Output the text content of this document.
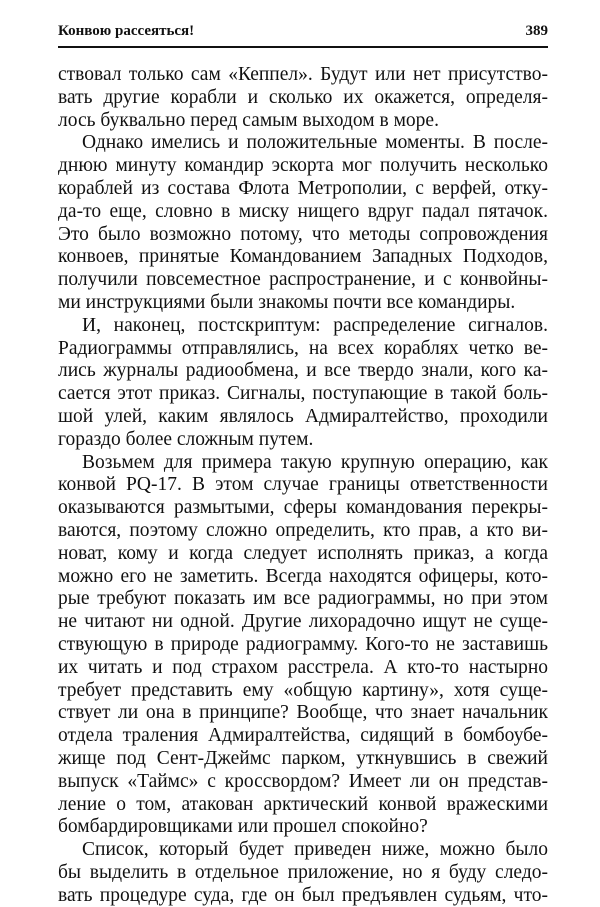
Конвою рассеяться!	389
ствовал только сам «Кеппел». Будут или нет присутство-
вать другие корабли и сколько их окажется, определя-
лось буквально перед самым выходом в море.
Однако имелись и положительные моменты. В после-
днюю минуту командир эскорта мог получить несколько
кораблей из состава Флота Метрополии, с верфей, отку-
да-то еще, словно в миску нищего вдруг падал пятачок.
Это было возможно потому, что методы сопровождения
конвоев, принятые Командованием Западных Подходов,
получили повсеместное распространение, и с конвойны-
ми инструкциями были знакомы почти все командиры.
И, наконец, постскриптум: распределение сигналов.
Радиограммы отправлялись, на всех кораблях четко ве-
лись журналы радиообмена, и все твердо знали, кого ка-
сается этот приказ. Сигналы, поступающие в такой боль-
шой улей, каким являлось Адмиралтейство, проходили
гораздо более сложным путем.
Возьмем для примера такую крупную операцию, как
конвой PQ-17. В этом случае границы ответственности
оказываются размытыми, сферы командования перекры-
ваются, поэтому сложно определить, кто прав, а кто ви-
новат, кому и когда следует исполнять приказ, а когда
можно его не заметить. Всегда находятся офицеры, кото-
рые требуют показать им все радиограммы, но при этом
не читают ни одной. Другие лихорадочно ищут не суще-
ствующую в природе радиограмму. Кого-то не заставишь
их читать и под страхом расстрела. А кто-то настырно
требует представить ему «общую картину», хотя суще-
ствует ли она в принципе? Вообще, что знает начальник
отдела траления Адмиралтейства, сидящий в бомбоубе-
жище под Сент-Джеймс парком, уткнувшись в свежий
выпуск «Таймс» с кроссвордом? Имеет ли он представ-
ление о том, атакован арктический конвой вражескими
бомбардировщиками или прошел спокойно?
Список, который будет приведен ниже, можно было
бы выделить в отдельное приложение, но я буду следо-
вать процедуре суда, где он был предъявлен судьям, что-
